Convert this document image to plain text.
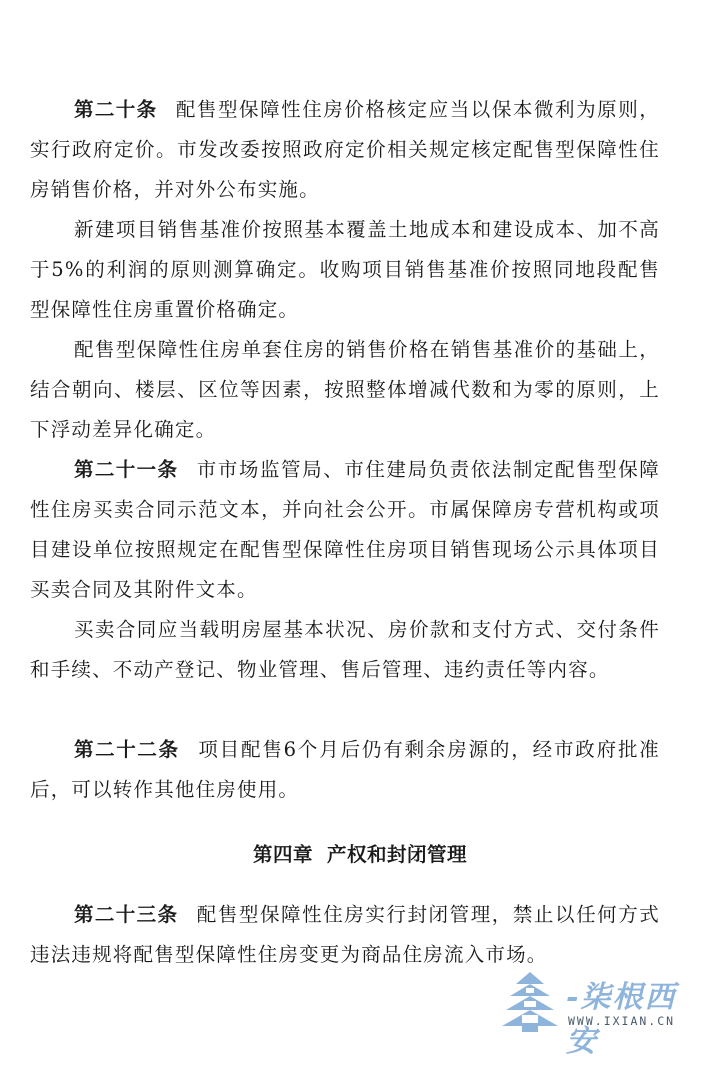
第二十条 配售型保障性住房价格核定应当以保本微利为原则，实行政府定价。市发改委按照政府定价相关规定核定配售型保障性住房销售价格，并对外公布实施。

新建项目销售基准价按照基本覆盖土地成本和建设成本、加不高于5%的利润的原则测算确定。收购项目销售基准价按照同地段配售型保障性住房重置价格确定。

配售型保障性住房单套住房的销售价格在销售基准价的基础上，结合朝向、楼层、区位等因素，按照整体增减代数和为零的原则，上下浮动差异化确定。

第二十一条 市市场监管局、市住建局负责依法制定配售型保障性住房买卖合同示范文本，并向社会公开。市属保障房专营机构或项目建设单位按照规定在配售型保障性住房项目销售现场公示具体项目买卖合同及其附件文本。

买卖合同应当载明房屋基本状况、房价款和支付方式、交付条件和手续、不动产登记、物业管理、售后管理、违约责任等内容。

第二十二条 项目配售6个月后仍有剩余房源的，经市政府批准后，可以转作其他住房使用。

第四章 产权和封闭管理

第二十三条 配售型保障性住房实行封闭管理，禁止以任何方式违法违规将配售型保障性住房变更为商品住房流入市场。

-柒根西安
WWW.IXIAN.CN
